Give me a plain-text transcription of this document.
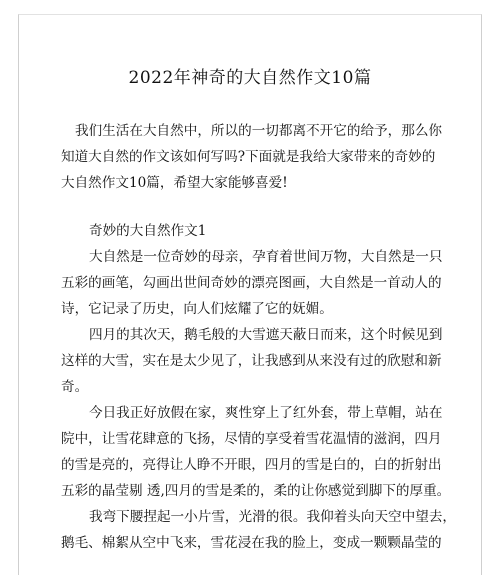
2022年神奇的大自然作文10篇

我们生活在大自然中，所以的一切都离不开它的给予，那么你
知道大自然的作文该如何写吗?下面就是我给大家带来的奇妙的
大自然作文10篇，希望大家能够喜爱!

奇妙的大自然作文1

大自然是一位奇妙的母亲，孕育着世间万物，大自然是一只
五彩的画笔，勾画出世间奇妙的漂亮图画，大自然是一首动人的
诗，它记录了历史，向人们炫耀了它的妩媚。

四月的其次天，鹅毛般的大雪遮天蔽日而来，这个时候见到
这样的大雪，实在是太少见了，让我感到从来没有过的欣慰和新
奇。

今日我正好放假在家，爽性穿上了红外套，带上草帽，站在
院中，让雪花肆意的飞扬，尽情的享受着雪花温情的滋润，四月
的雪是亮的，亮得让人睁不开眼，四月的雪是白的，白的折射出
五彩的晶莹剔 透,四月的雪是柔的，柔的让你感觉到脚下的厚重。

我弯下腰捏起一小片雪，光滑的很。我仰着头向天空中望去，
鹅毛、棉絮从空中飞来，雪花浸在我的脸上，变成一颗颗晶莹的
